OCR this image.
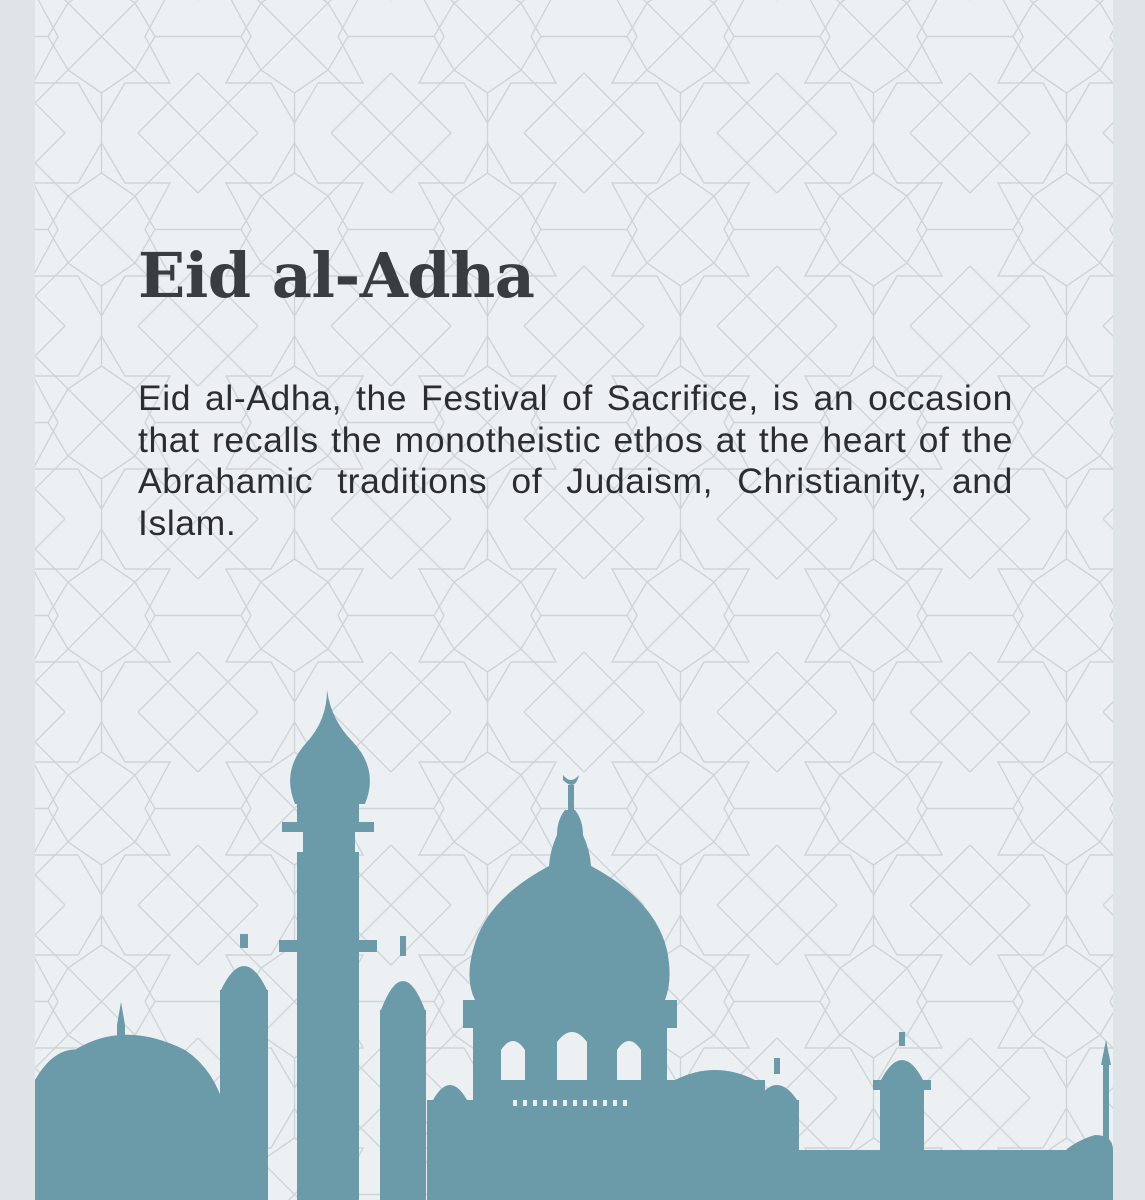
Eid al-Adha

Eid al-Adha, the Festival of Sacrifice, is an occasion that recalls the monotheistic ethos at the heart of the Abrahamic traditions of Judaism, Christianity, and Islam.
